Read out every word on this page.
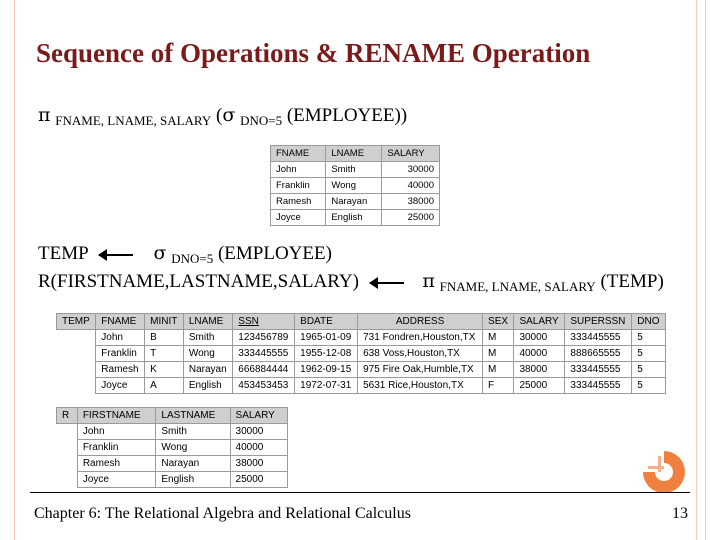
Sequence of Operations & RENAME Operation
π $_{FNAME, LNAME, SALARY}$ (σ $_{DNO=5}$ (EMPLOYEE))
FNAME	LNAME	SALARY
John	Smith	30000
Franklin	Wong	40000
Ramesh	Narayan	38000
Joyce	English	25000
TEMP	σ $_{DNO=5}$ (EMPLOYEE)
R(FIRSTNAME,LASTNAME,SALARY)	π $_{FNAME, LNAME, SALARY}$ (TEMP)
TEMP	FNAME	MINIT	LNAME	SSN	BDATE	ADDRESS	SEX	SALARY	SUPERSSN	DNO
	John	B	Smith	123456789	1965-01-09	731 Fondren,Houston,TX	M	30000	333445555	5
	Franklin	T	Wong	333445555	1955-12-08	638 Voss,Houston,TX	M	40000	888665555	5
	Ramesh	K	Narayan	666884444	1962-09-15	975 Fire Oak,Humble,TX	M	38000	333445555	5
	Joyce	A	English	453453453	1972-07-31	5631 Rice,Houston,TX	F	25000	333445555	5
R	FIRSTNAME	LASTNAME	SALARY
	John	Smith	30000
	Franklin	Wong	40000
	Ramesh	Narayan	38000
	Joyce	English	25000
Chapter 6: The Relational Algebra and Relational Calculus	13
